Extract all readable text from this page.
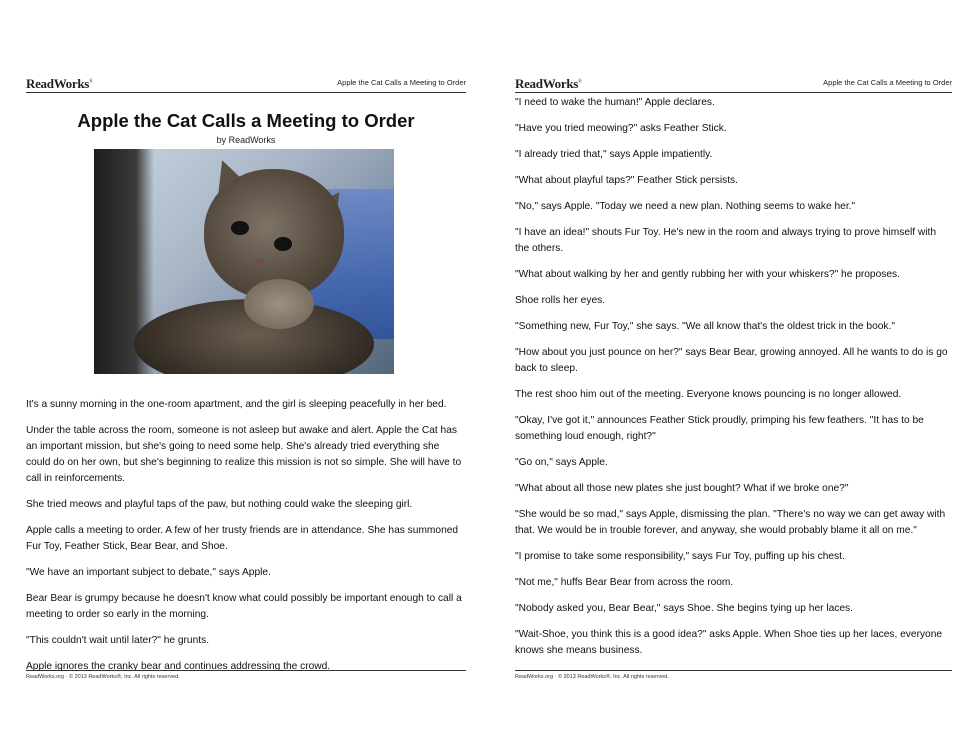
ReadWorks®	Apple the Cat Calls a Meeting to Order
Apple the Cat Calls a Meeting to Order
by ReadWorks

It's a sunny morning in the one-room apartment, and the girl is sleeping peacefully in her bed.

Under the table across the room, someone is not asleep but awake and alert. Apple the Cat has an important mission, but she's going to need some help. She's already tried everything she could do on her own, but she's beginning to realize this mission is not so simple. She will have to call in reinforcements.

She tried meows and playful taps of the paw, but nothing could wake the sleeping girl.

Apple calls a meeting to order. A few of her trusty friends are in attendance. She has summoned Fur Toy, Feather Stick, Bear Bear, and Shoe.

"We have an important subject to debate," says Apple.

Bear Bear is grumpy because he doesn't know what could possibly be important enough to call a meeting to order so early in the morning.

"This couldn't wait until later?" he grunts.

Apple ignores the cranky bear and continues addressing the crowd.

ReadWorks.org · © 2013 ReadWorks®, Inc. All rights reserved.
ReadWorks®	Apple the Cat Calls a Meeting to Order

"I need to wake the human!" Apple declares.

"Have you tried meowing?" asks Feather Stick.

"I already tried that," says Apple impatiently.

"What about playful taps?" Feather Stick persists.

"No," says Apple. "Today we need a new plan. Nothing seems to wake her."

"I have an idea!" shouts Fur Toy. He's new in the room and always trying to prove himself with the others.

"What about walking by her and gently rubbing her with your whiskers?" he proposes.

Shoe rolls her eyes.

"Something new, Fur Toy," she says. "We all know that's the oldest trick in the book."

"How about you just pounce on her?" says Bear Bear, growing annoyed. All he wants to do is go back to sleep.

The rest shoo him out of the meeting. Everyone knows pouncing is no longer allowed.

"Okay, I've got it," announces Feather Stick proudly, primping his few feathers. "It has to be something loud enough, right?"

"Go on," says Apple.

"What about all those new plates she just bought? What if we broke one?"

"She would be so mad," says Apple, dismissing the plan. "There's no way we can get away with that. We would be in trouble forever, and anyway, she would probably blame it all on me."

"I promise to take some responsibility," says Fur Toy, puffing up his chest.

"Not me," huffs Bear Bear from across the room.

"Nobody asked you, Bear Bear," says Shoe. She begins tying up her laces.

"Wait-Shoe, you think this is a good idea?" asks Apple. When Shoe ties up her laces, everyone knows she means business.

ReadWorks.org · © 2013 ReadWorks®, Inc. All rights reserved.
